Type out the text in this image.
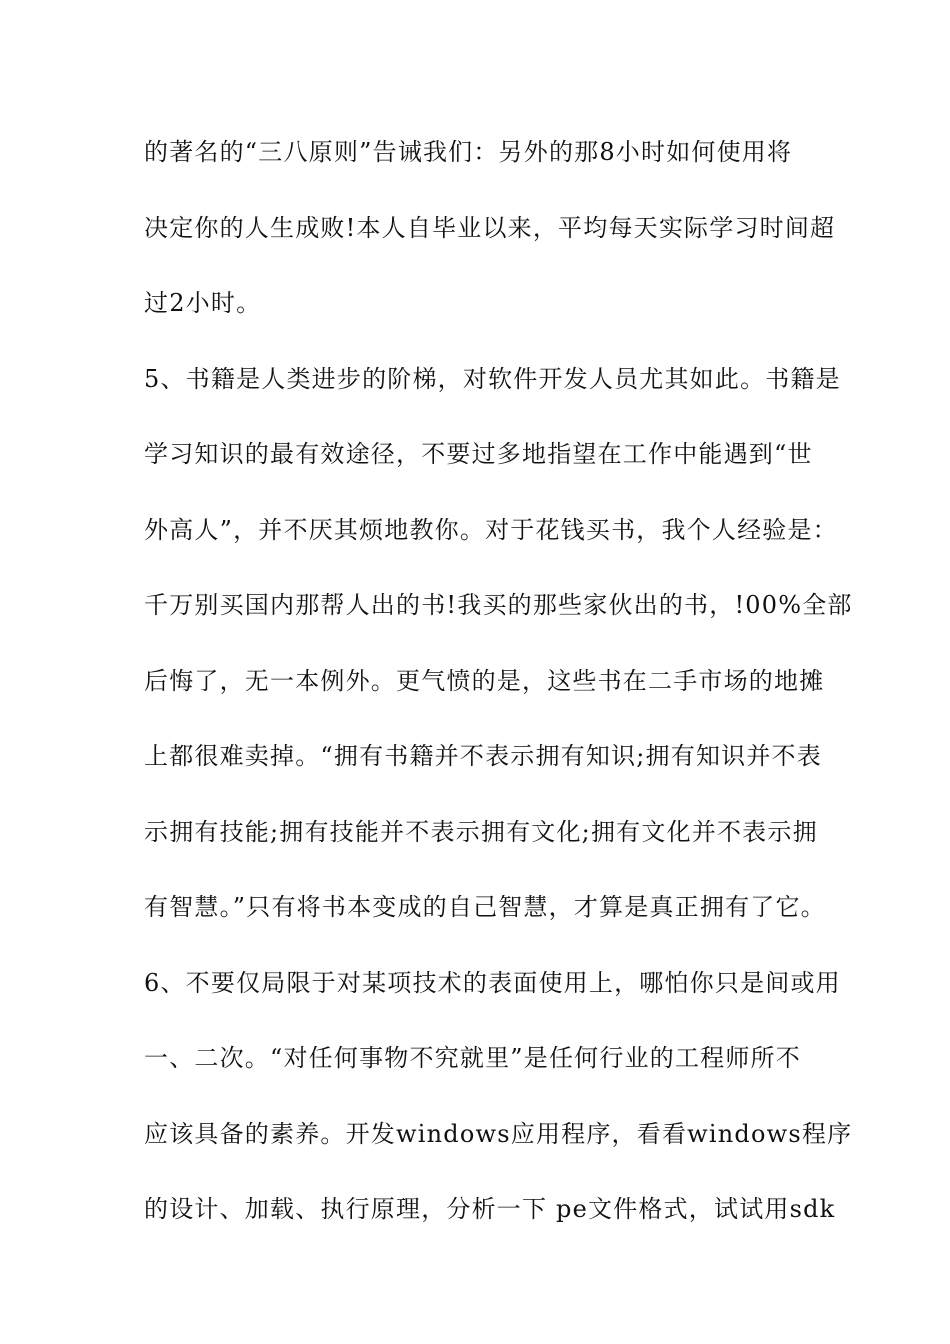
的著名的“三八原则”告诫我们：另外的那8小时如何使用将
决定你的人生成败!本人自毕业以来，平均每天实际学习时间超
过2小时。
5、书籍是人类进步的阶梯，对软件开发人员尤其如此。书籍是
学习知识的最有效途径，不要过多地指望在工作中能遇到“世
外高人”，并不厌其烦地教你。对于花钱买书，我个人经验是：
千万别买国内那帮人出的书!我买的那些家伙出的书，!00%全部
后悔了，无一本例外。更气愤的是，这些书在二手市场的地摊
上都很难卖掉。“拥有书籍并不表示拥有知识;拥有知识并不表
示拥有技能;拥有技能并不表示拥有文化;拥有文化并不表示拥
有智慧。”只有将书本变成的自己智慧，才算是真正拥有了它。
6、不要仅局限于对某项技术的表面使用上，哪怕你只是间或用
一、二次。“对任何事物不究就里”是任何行业的工程师所不
应该具备的素养。开发windows应用程序，看看windows程序
的设计、加载、执行原理，分析一下 pe文件格式，试试用sdk
